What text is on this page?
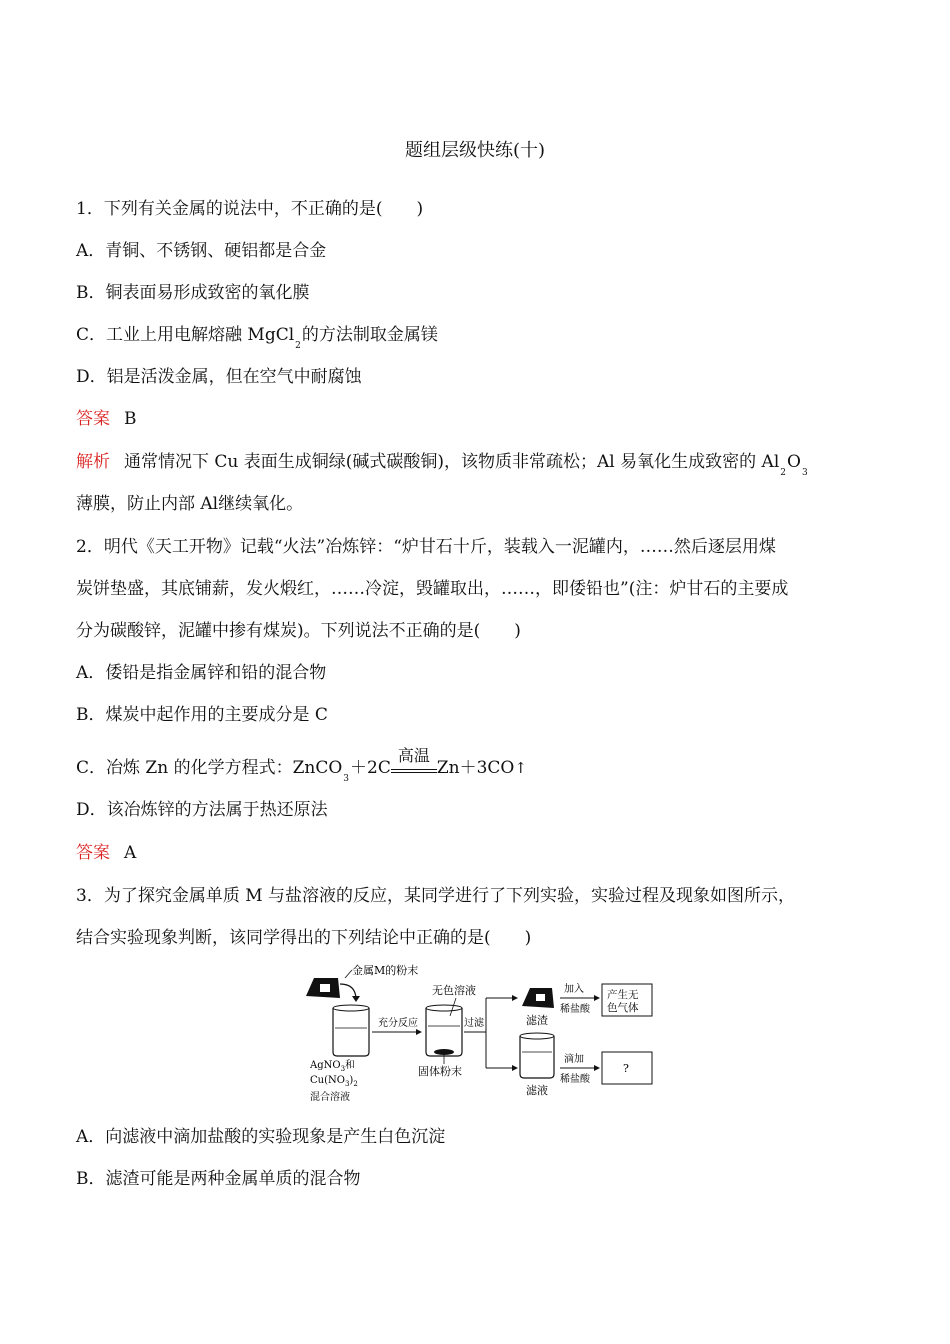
题组层级快练(十)
1．下列有关金属的说法中，不正确的是(　　)
A．青铜、不锈钢、硬铝都是合金
B．铜表面易形成致密的氧化膜
C．工业上用电解熔融 MgCl$_2$的方法制取金属镁
D．铝是活泼金属，但在空气中耐腐蚀
答案 B
解析 通常情况下 Cu 表面生成铜绿(碱式碳酸铜)，该物质非常疏松；Al 易氧化生成致密的 $Al_2O_3$
薄膜，防止内部 Al继续氧化。
2．明代《天工开物》记载“火法”冶炼锌：“炉甘石十斤，装载入一泥罐内，……然后逐层用煤
炭饼垫盛，其底铺薪，发火煅红，……冷淀，毁罐取出，……，即倭铅也”(注：炉甘石的主要成
分为碳酸锌，泥罐中掺有煤炭)。下列说法不正确的是(　　)
A．倭铅是指金属锌和铅的混合物
B．煤炭中起作用的主要成分是 C
C．冶炼 Zn 的化学方程式：ZnCO$_3$＋2C
高温
Zn＋3CO↑
D．该冶炼锌的方法属于热还原法
答案 A
3．为了探究金属单质 M 与盐溶液的反应，某同学进行了下列实验，实验过程及现象如图所示，
结合实验现象判断，该同学得出的下列结论中正确的是(　　)
金属M的粉末
AgNO$_3$和
$Cu(NO_3)_2$
混合溶液
充分反应
无色溶液
固体粉末
过滤	滤渣
滤液
加入
稀盐酸
产生无
色气体
滴加
稀盐酸
?
A．向滤液中滴加盐酸的实验现象是产生白色沉淀
B．滤渣可能是两种金属单质的混合物
